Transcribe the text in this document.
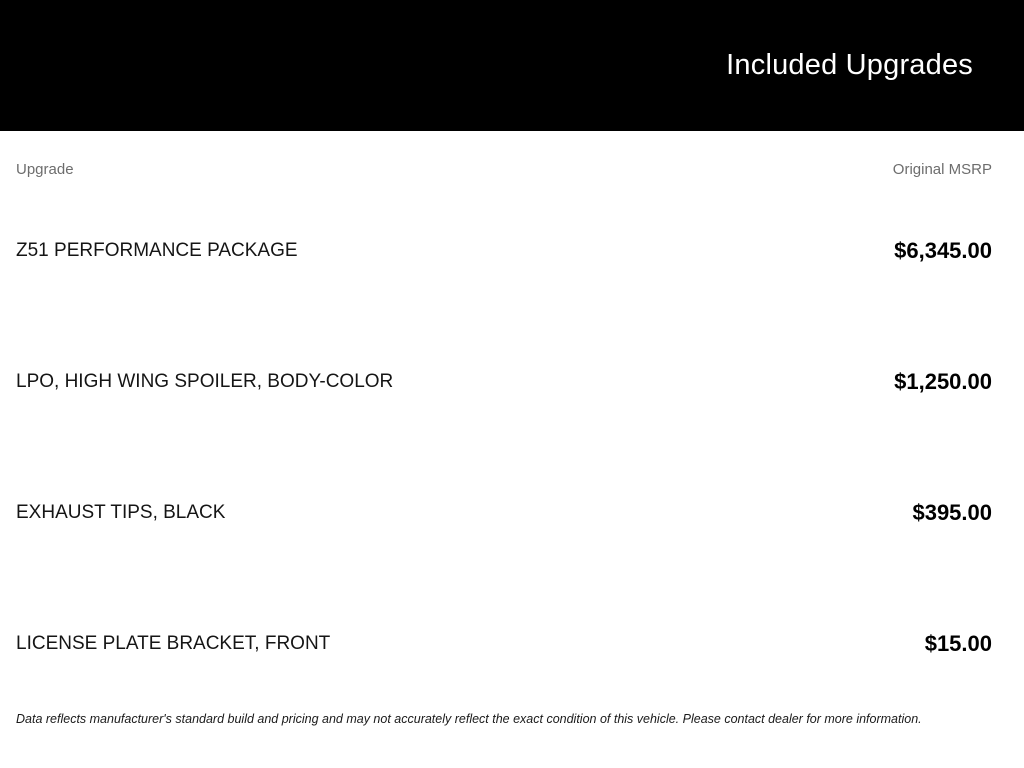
Included Upgrades
Upgrade	Original MSRP
Z51 PERFORMANCE PACKAGE	$6,345.00
LPO, HIGH WING SPOILER, BODY-COLOR	$1,250.00
EXHAUST TIPS, BLACK	$395.00
LICENSE PLATE BRACKET, FRONT	$15.00
Data reflects manufacturer's standard build and pricing and may not accurately reflect the exact condition of this vehicle. Please contact dealer for more information.
